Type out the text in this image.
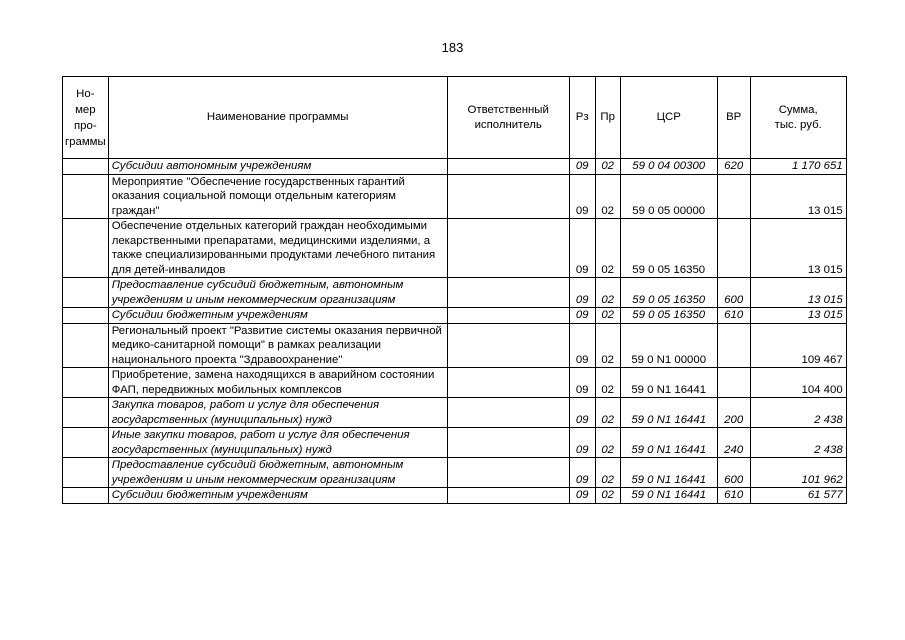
183
Но-
мер
про-
граммы	Наименование программы	Ответственный
исполнитель	Рз	Пр	ЦСР	ВР	Сумма,
тыс. руб.
	Субсидии автономным учреждениям		09	02	59 0 04 00300	620	1 170 651
	Мероприятие "Обеспечение государственных гарантий оказания социальной помощи отдельным категориям граждан"		09	02	59 0 05 00000		13 015
	Обеспечение отдельных категорий граждан необходимыми лекарственными препаратами, медицинскими изделиями, а также специализированными продуктами лечебного питания для детей-инвалидов		09	02	59 0 05 16350		13 015
	Предоставление субсидий бюджетным, автономным учреждениям и иным некоммерческим организациям		09	02	59 0 05 16350	600	13 015
	Субсидии бюджетным учреждениям		09	02	59 0 05 16350	610	13 015
	Региональный проект "Развитие системы оказания первичной медико-санитарной помощи" в рамках реализации национального проекта "Здравоохранение"		09	02	59 0 N1 00000		109 467
	Приобретение, замена находящихся в аварийном состоянии ФАП, передвижных мобильных комплексов		09	02	59 0 N1 16441		104 400
	Закупка товаров, работ и услуг для обеспечения государственных (муниципальных) нужд		09	02	59 0 N1 16441	200	2 438
	Иные закупки товаров, работ и услуг для обеспечения государственных (муниципальных) нужд		09	02	59 0 N1 16441	240	2 438
	Предоставление субсидий бюджетным, автономным учреждениям и иным некоммерческим организациям		09	02	59 0 N1 16441	600	101 962
	Субсидии бюджетным учреждениям		09	02	59 0 N1 16441	610	61 577
